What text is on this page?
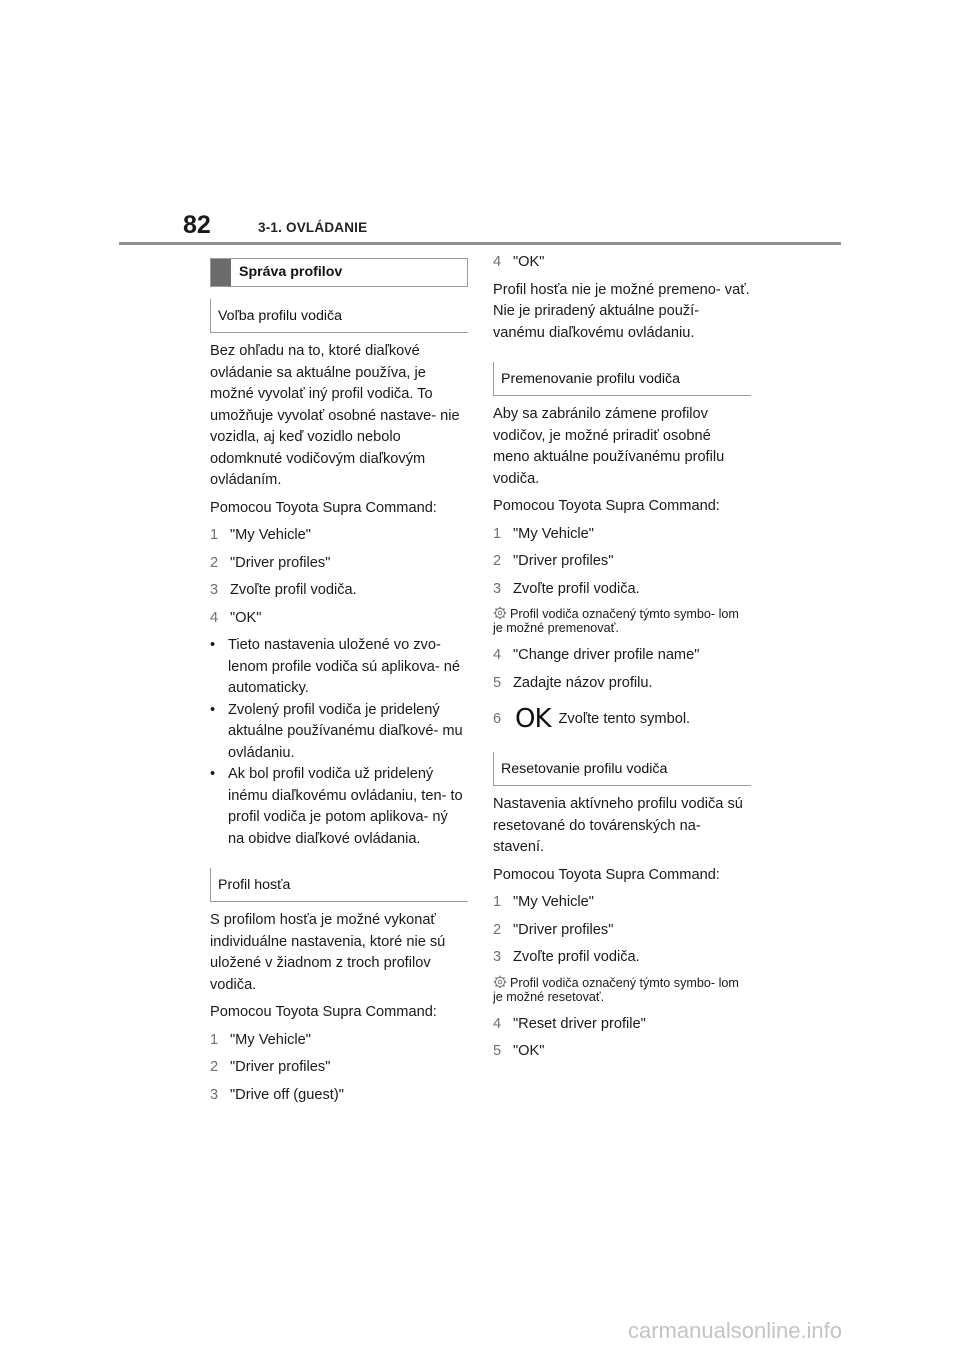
82	3-1. OVLÁDANIE
Správa profilov
Voľba profilu vodiča

Bez ohľadu na to, ktoré diaľkové ovládanie sa aktuálne používa, je možné vyvolať iný profil vodiča. To umožňuje vyvolať osobné nastave- nie vozidla, aj keď vozidlo nebolo odomknuté vodičovým diaľkovým ovládaním.

Pomocou Toyota Supra Command:

1 "My Vehicle"
2 "Driver profiles"
3 Zvoľte profil vodiča.
4 "OK"
• Tieto nastavenia uložené vo zvo- lenom profile vodiča sú aplikova- né automaticky.
• Zvolený profil vodiča je pridelený aktuálne používanému diaľkové- mu ovládaniu.
• Ak bol profil vodiča už pridelený inému diaľkovému ovládaniu, ten- to profil vodiča je potom aplikova- ný na obidve diaľkové ovládania.
Profil hosťa

S profilom hosťa je možné vykonať individuálne nastavenia, ktoré nie sú uložené v žiadnom z troch profilov vodiča.

Pomocou Toyota Supra Command:

1 "My Vehicle"
2 "Driver profiles"
3 "Drive off (guest)"
4 "OK"

Profil hosťa nie je možné premeno- vať. Nie je priradený aktuálne použí- vanému diaľkovému ovládaniu.

Premenovanie profilu vodiča

Aby sa zabránilo zámene profilov vodičov, je možné priradiť osobné meno aktuálne používanému profilu vodiča.

Pomocou Toyota Supra Command:

1 "My Vehicle"
2 "Driver profiles"
3 Zvoľte profil vodiča.
Profil vodiča označený týmto symbo- lom je možné premenovať.
4 "Change driver profile name"
5 Zadajte názov profilu.
6 OK Zvoľte tento symbol.
Resetovanie profilu vodiča

Nastavenia aktívneho profilu vodiča sú resetované do továrenských na- stavení.

Pomocou Toyota Supra Command:

1 "My Vehicle"
2 "Driver profiles"
3 Zvoľte profil vodiča.
Profil vodiča označený týmto symbo- lom je možné resetovať.
4 "Reset driver profile"
5 "OK"
carmanualsonline.info
